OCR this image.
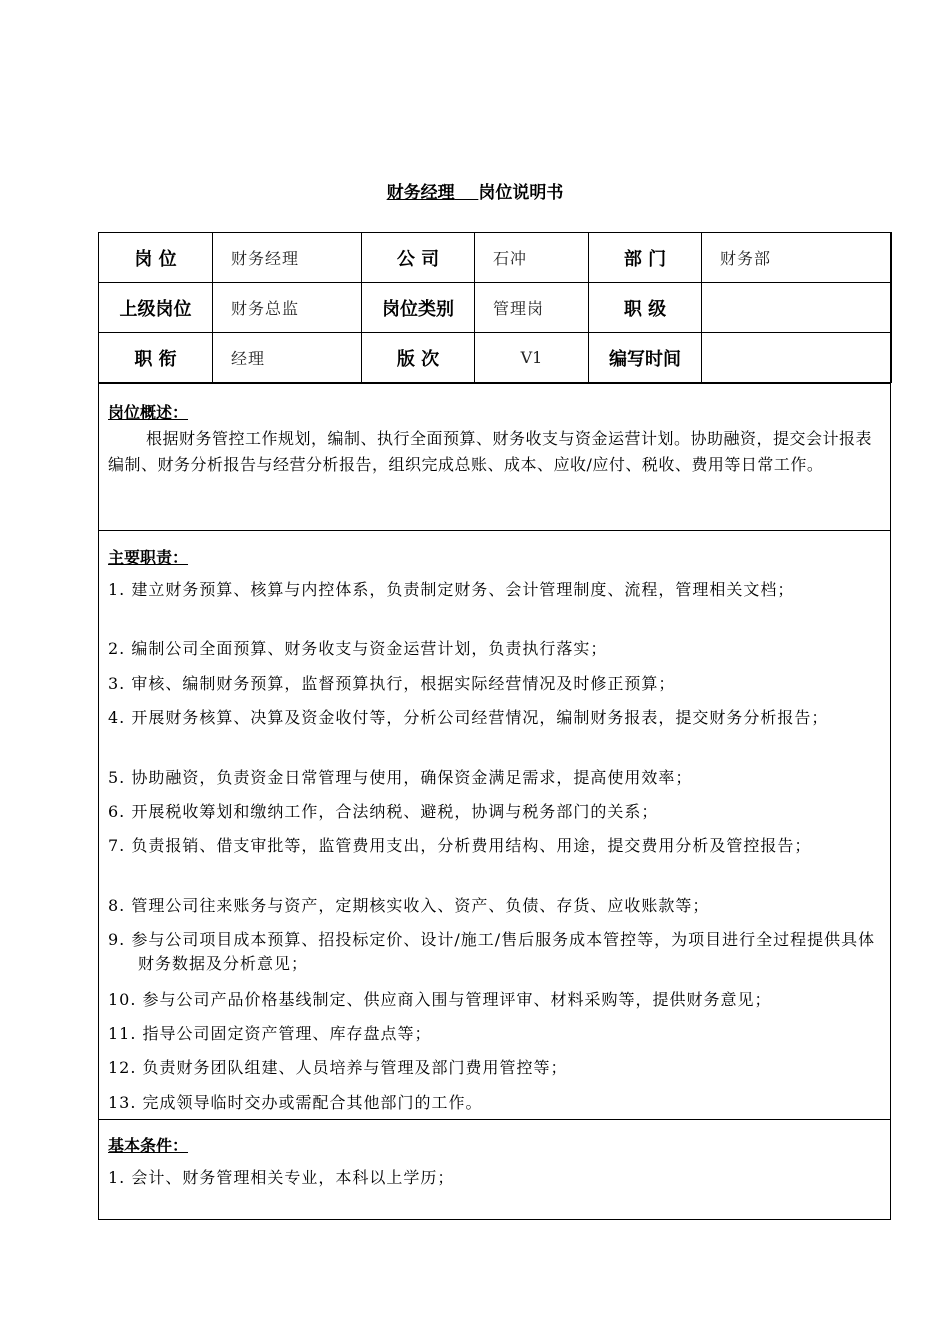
财务经理 岗位说明书
岗 位	财务经理	公 司	石冲	部 门	财务部
上级岗位	财务总监	岗位类别	管理岗	职 级	
职 衔	经理	版 次	V1	编写时间	
岗位概述：
根据财务管控工作规划，编制、执行全面预算、财务收支与资金运营计划。协助融资，提交会计报表编制、财务分析报告与经营分析报告，组织完成总账、成本、应收/应付、税收、费用等日常工作。
主要职责：
1. 建立财务预算、核算与内控体系，负责制定财务、会计管理制度、流程，管理相关文档；
2. 编制公司全面预算、财务收支与资金运营计划，负责执行落实；
3. 审核、编制财务预算，监督预算执行，根据实际经营情况及时修正预算；
4. 开展财务核算、决算及资金收付等，分析公司经营情况，编制财务报表，提交财务分析报告；
5. 协助融资，负责资金日常管理与使用，确保资金满足需求，提高使用效率；
6. 开展税收筹划和缴纳工作，合法纳税、避税，协调与税务部门的关系；
7. 负责报销、借支审批等，监管费用支出，分析费用结构、用途，提交费用分析及管控报告；
8. 管理公司往来账务与资产，定期核实收入、资产、负债、存货、应收账款等；
9. 参与公司项目成本预算、招投标定价、设计/施工/售后服务成本管控等，为项目进行全过程提供具体财务数据及分析意见；
10. 参与公司产品价格基线制定、供应商入围与管理评审、材料采购等，提供财务意见；
11. 指导公司固定资产管理、库存盘点等；
12. 负责财务团队组建、人员培养与管理及部门费用管控等；
13. 完成领导临时交办或需配合其他部门的工作。
基本条件：
1. 会计、财务管理相关专业，本科以上学历；
